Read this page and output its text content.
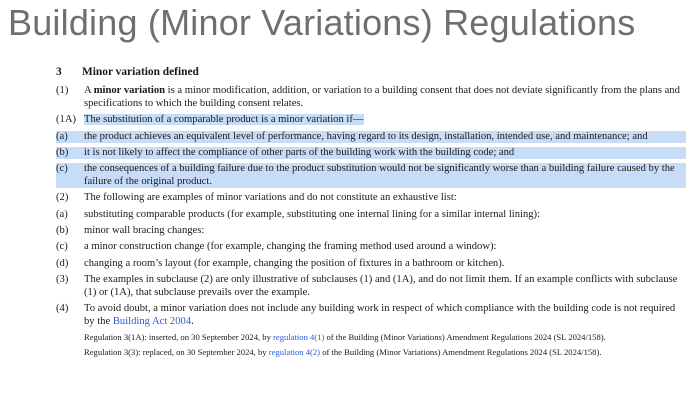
Building (Minor Variations) Regulations
3	Minor variation defined
(1)	A minor variation is a minor modification, addition, or variation to a building consent that does not deviate significantly from the plans and specifications to which the building consent relates.
(1A) The substitution of a comparable product is a minor variation if—
(a)	the product achieves an equivalent level of performance, having regard to its design, installation, intended use, and maintenance; and
(b)	it is not likely to affect the compliance of other parts of the building work with the building code; and
(c)	the consequences of a building failure due to the product substitution would not be significantly worse than a building failure caused by the failure of the original product.
(2)	The following are examples of minor variations and do not constitute an exhaustive list:
(a)	substituting comparable products (for example, substituting one internal lining for a similar internal lining):
(b)	minor wall bracing changes:
(c)	a minor construction change (for example, changing the framing method used around a window):
(d)	changing a room’s layout (for example, changing the position of fixtures in a bathroom or kitchen).
(3)	The examples in subclause (2) are only illustrative of subclauses (1) and (1A), and do not limit them. If an example conflicts with subclause (1) or (1A), that subclause prevails over the example.
(4)	To avoid doubt, a minor variation does not include any building work in respect of which compliance with the building code is not required by the Building Act 2004.
Regulation 3(1A): inserted, on 30 September 2024, by regulation 4(1) of the Building (Minor Variations) Amendment Regulations 2024 (SL 2024/158).
Regulation 3(3): replaced, on 30 September 2024, by regulation 4(2) of the Building (Minor Variations) Amendment Regulations 2024 (SL 2024/158).
